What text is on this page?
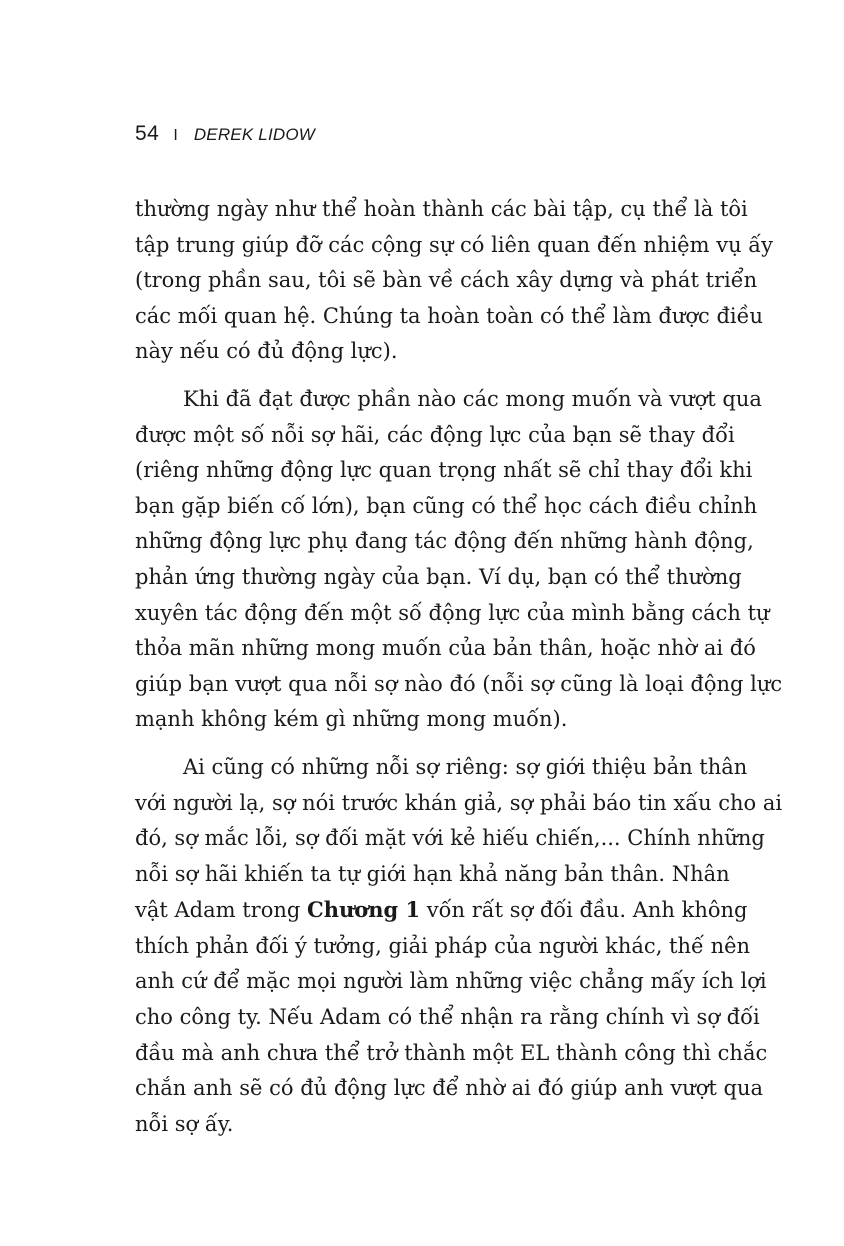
54 I DEREK LIDOW
thường ngày như thể hoàn thành các bài tập, cụ thể là tôi
tập trung giúp đỡ các cộng sự có liên quan đến nhiệm vụ ấy
(trong phần sau, tôi sẽ bàn về cách xây dựng và phát triển
các mối quan hệ. Chúng ta hoàn toàn có thể làm được điều
này nếu có đủ động lực).
Khi đã đạt được phần nào các mong muốn và vượt qua
được một số nỗi sợ hãi, các động lực của bạn sẽ thay đổi
(riêng những động lực quan trọng nhất sẽ chỉ thay đổi khi
bạn gặp biến cố lớn), bạn cũng có thể học cách điều chỉnh
những động lực phụ đang tác động đến những hành động,
phản ứng thường ngày của bạn. Ví dụ, bạn có thể thường
xuyên tác động đến một số động lực của mình bằng cách tự
thỏa mãn những mong muốn của bản thân, hoặc nhờ ai đó
giúp bạn vượt qua nỗi sợ nào đó (nỗi sợ cũng là loại động lực
mạnh không kém gì những mong muốn).
Ai cũng có những nỗi sợ riêng: sợ giới thiệu bản thân
với người lạ, sợ nói trước khán giả, sợ phải báo tin xấu cho ai
đó, sợ mắc lỗi, sợ đối mặt với kẻ hiếu chiến,... Chính những
nỗi sợ hãi khiến ta tự giới hạn khả năng bản thân. Nhân
vật Adam trong Chương 1 vốn rất sợ đối đầu. Anh không
thích phản đối ý tưởng, giải pháp của người khác, thế nên
anh cứ để mặc mọi người làm những việc chẳng mấy ích lợi
cho công ty. Nếu Adam có thể nhận ra rằng chính vì sợ đối
đầu mà anh chưa thể trở thành một EL thành công thì chắc
chắn anh sẽ có đủ động lực để nhờ ai đó giúp anh vượt qua
nỗi sợ ấy.
